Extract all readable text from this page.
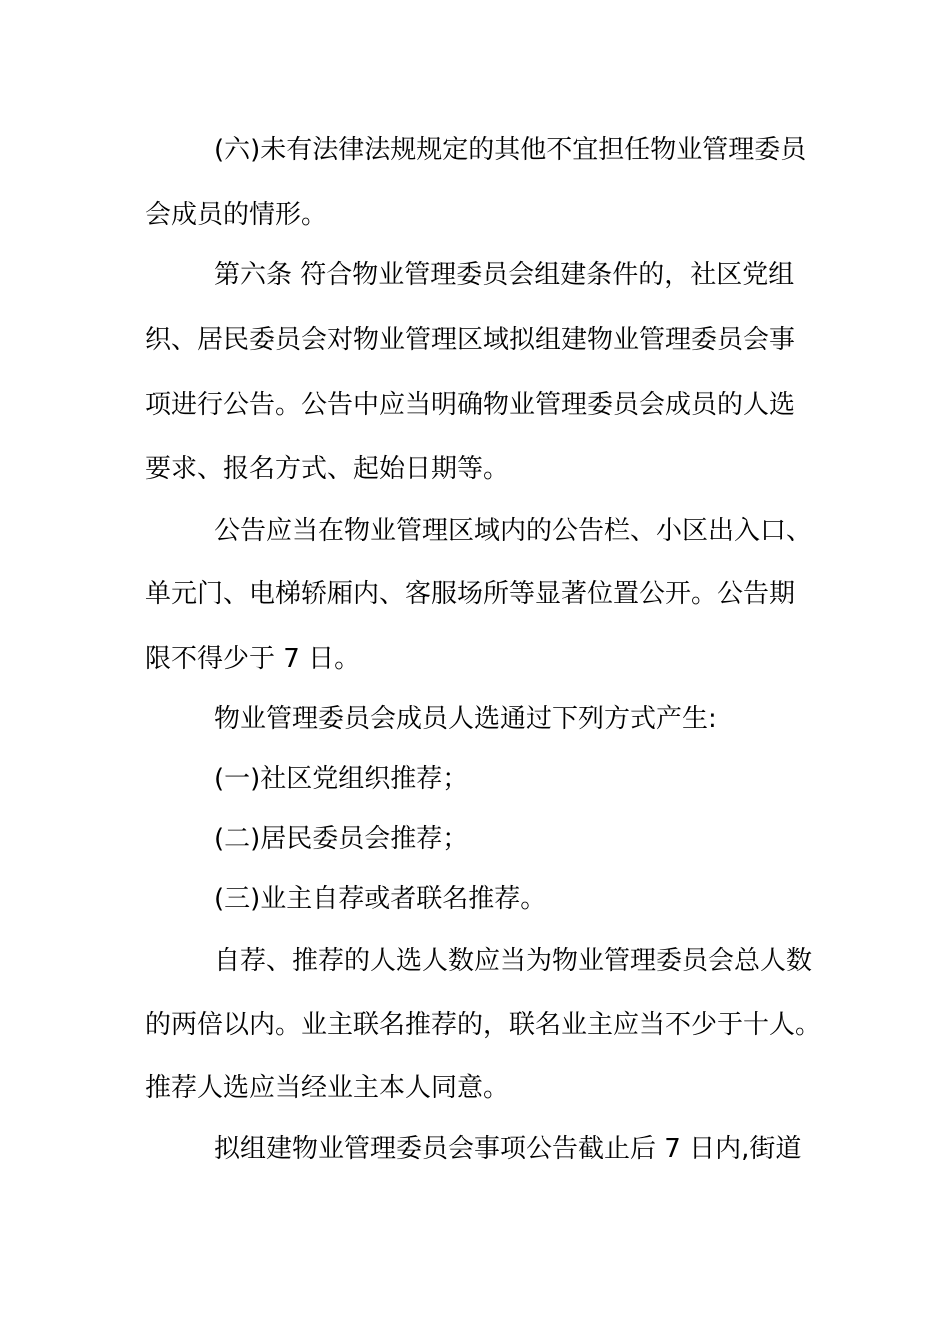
(六)未有法律法规规定的其他不宜担任物业管理委员
会成员的情形。
第六条 符合物业管理委员会组建条件的，社区党组
织、居民委员会对物业管理区域拟组建物业管理委员会事
项进行公告。公告中应当明确物业管理委员会成员的人选
要求、报名方式、起始日期等。
公告应当在物业管理区域内的公告栏、小区出入口、
单元门、电梯轿厢内、客服场所等显著位置公开。公告期
限不得少于 7 日。
物业管理委员会成员人选通过下列方式产生:
(一)社区党组织推荐；
(二)居民委员会推荐；
(三)业主自荐或者联名推荐。
自荐、推荐的人选人数应当为物业管理委员会总人数
的两倍以内。业主联名推荐的，联名业主应当不少于十人。
推荐人选应当经业主本人同意。
拟组建物业管理委员会事项公告截止后 7 日内,街道
